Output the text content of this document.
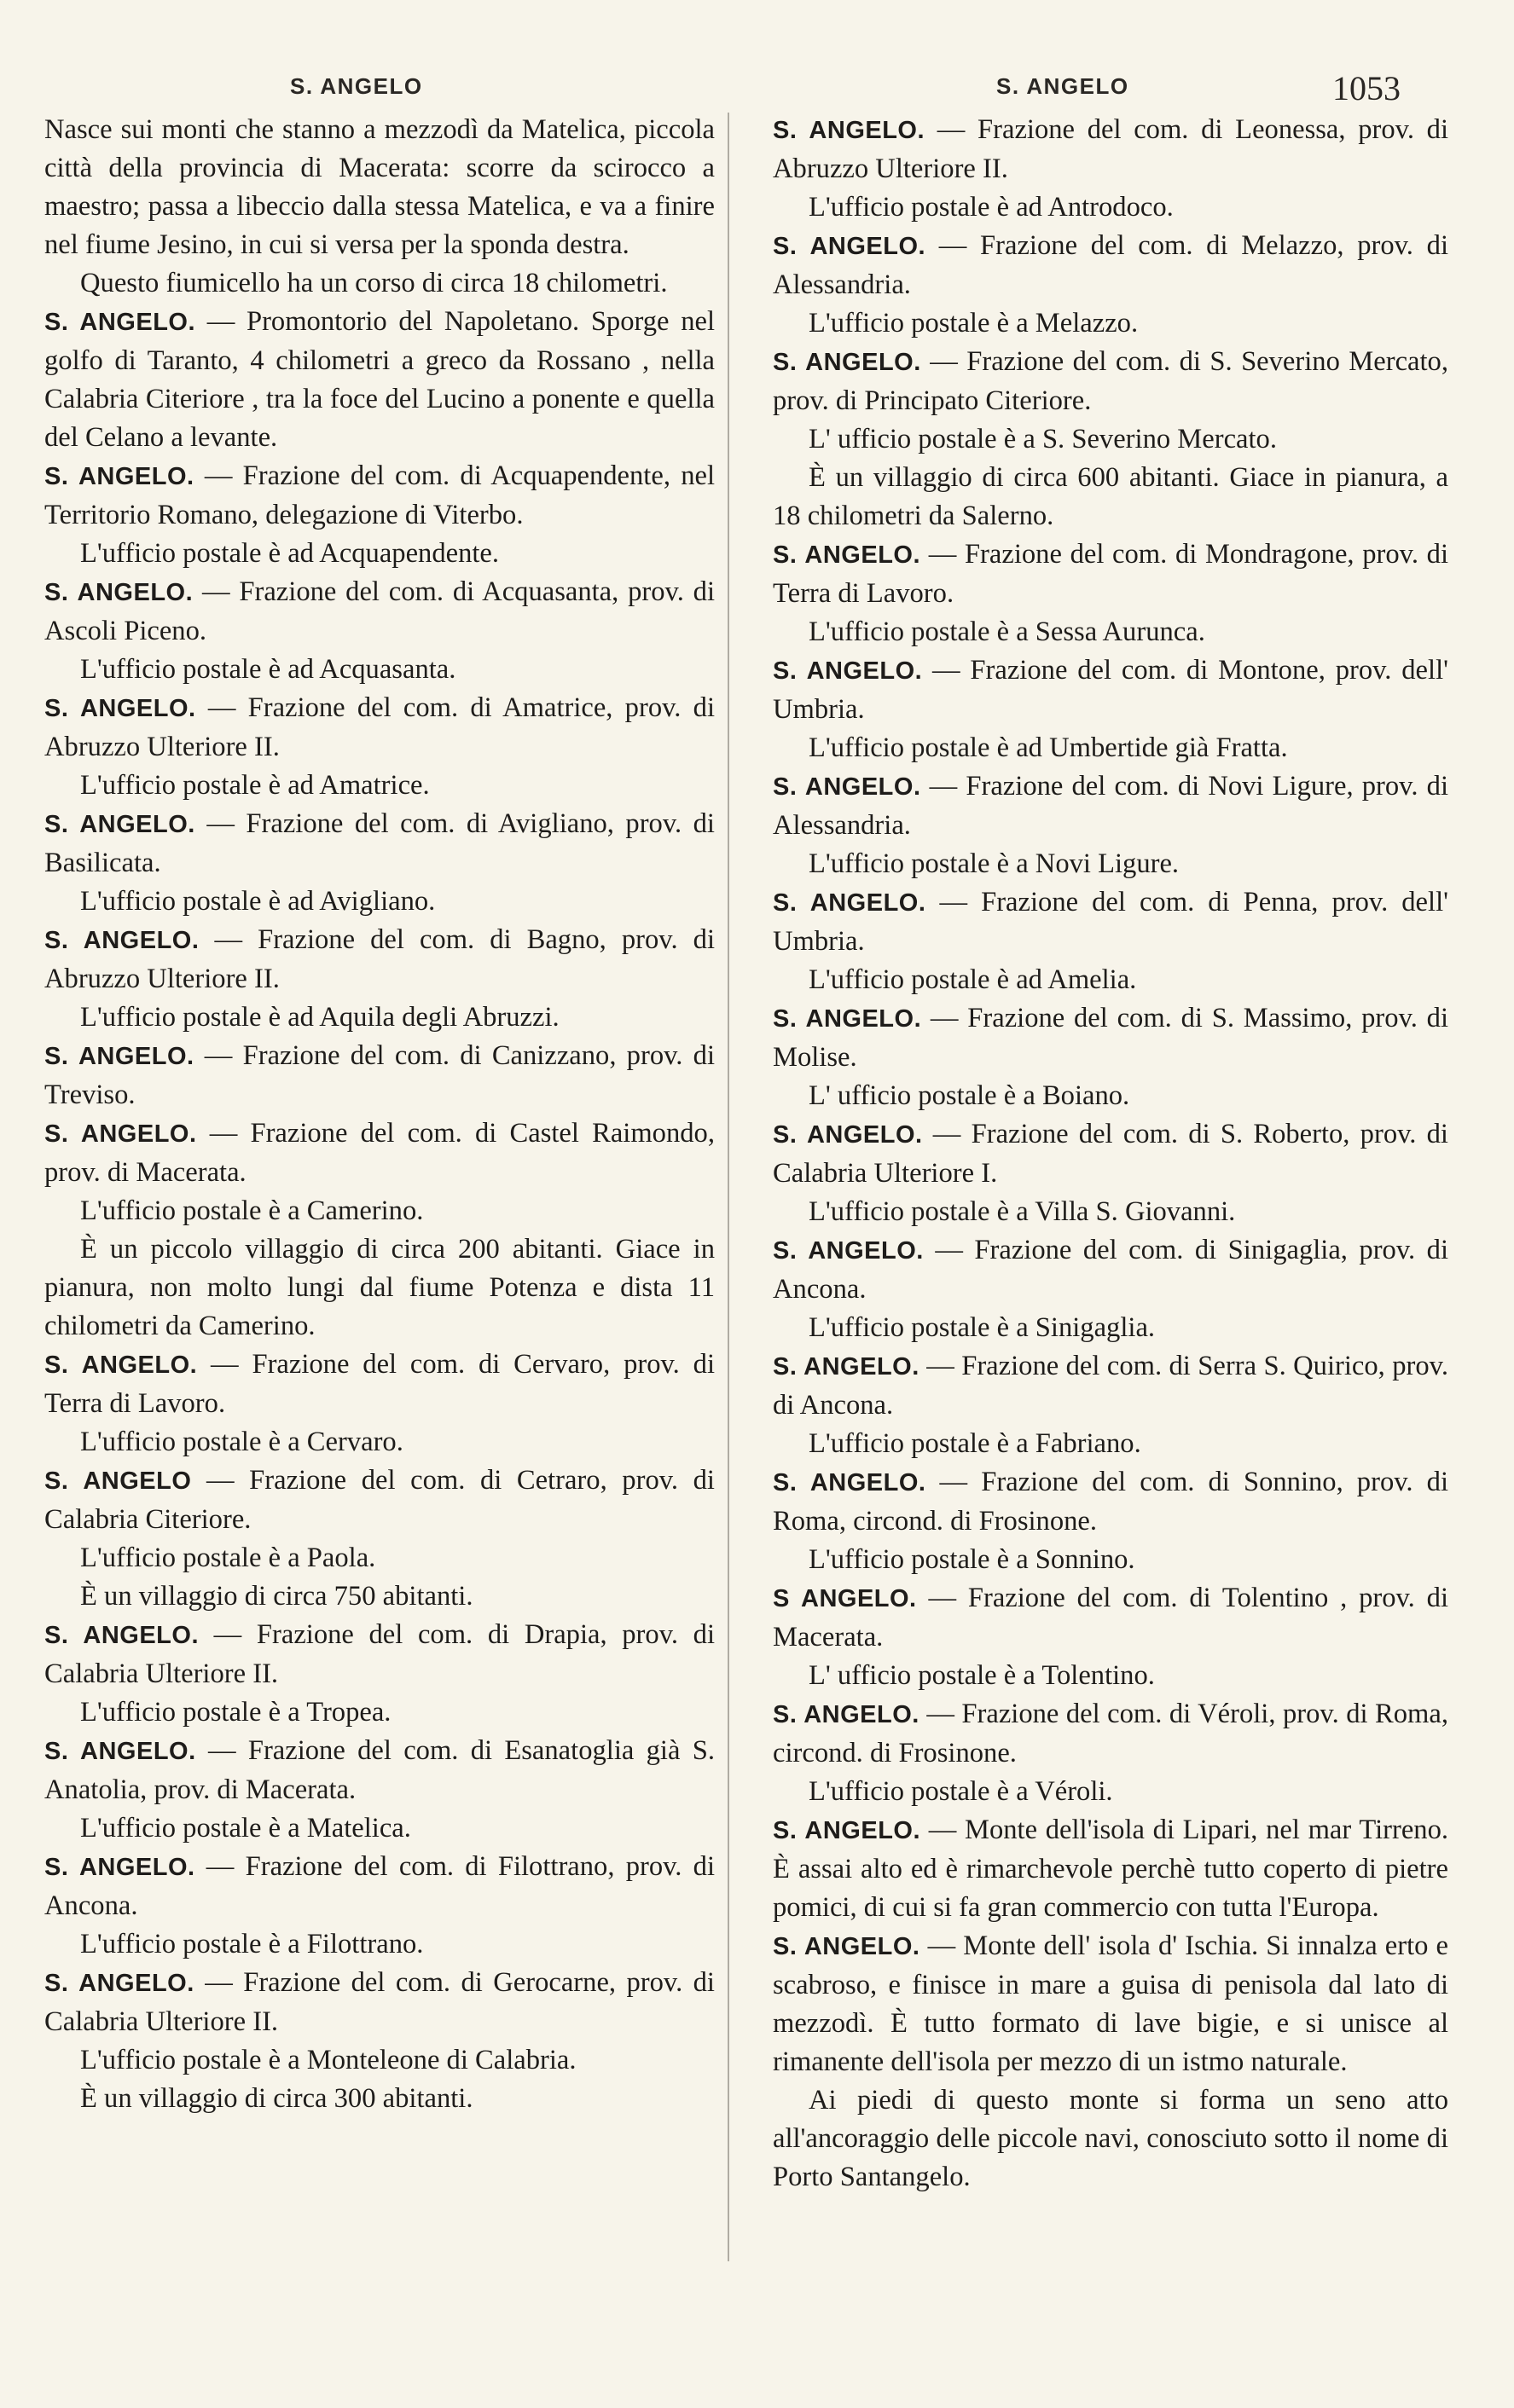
S. ANGELO	S. ANGELO	1053

Nasce sui monti che stanno a mezzodì da Matelica, piccola città della provincia di Macerata: scorre da scirocco a maestro; passa a libeccio dalla stessa Matelica, e va a finire nel fiume Jesino, in cui si versa per la sponda destra.

Questo fiumicello ha un corso di circa 18 chilometri.

S. ANGELO. — Promontorio del Napoletano. Sporge nel golfo di Taranto, 4 chilometri a greco da Rossano , nella Calabria Citeriore , tra la foce del Lucino a ponente e quella del Celano a levante.

S. ANGELO. — Frazione del com. di Acquapendente, nel Territorio Romano, delegazione di Viterbo.

L'ufficio postale è ad Acquapendente.

S. ANGELO. — Frazione del com. di Acquasanta, prov. di Ascoli Piceno.

L'ufficio postale è ad Acquasanta.

S. ANGELO. — Frazione del com. di Amatrice, prov. di Abruzzo Ulteriore II.

L'ufficio postale è ad Amatrice.

S. ANGELO. — Frazione del com. di Avigliano, prov. di Basilicata.

L'ufficio postale è ad Avigliano.

S. ANGELO. — Frazione del com. di Bagno, prov. di Abruzzo Ulteriore II.

L'ufficio postale è ad Aquila degli Abruzzi.

S. ANGELO. — Frazione del com. di Canizzano, prov. di Treviso.

S. ANGELO. — Frazione del com. di Castel Raimondo, prov. di Macerata.

L'ufficio postale è a Camerino.

È un piccolo villaggio di circa 200 abitanti. Giace in pianura, non molto lungi dal fiume Potenza e dista 11 chilometri da Camerino.

S. ANGELO. — Frazione del com. di Cervaro, prov. di Terra di Lavoro.

L'ufficio postale è a Cervaro.

S. ANGELO — Frazione del com. di Cetraro, prov. di Calabria Citeriore.

L'ufficio postale è a Paola.

È un villaggio di circa 750 abitanti.

S. ANGELO. — Frazione del com. di Drapia, prov. di Calabria Ulteriore II.

L'ufficio postale è a Tropea.

S. ANGELO. — Frazione del com. di Esanatoglia già S. Anatolia, prov. di Macerata.

L'ufficio postale è a Matelica.

S. ANGELO. — Frazione del com. di Filottrano, prov. di Ancona.

L'ufficio postale è a Filottrano.

S. ANGELO. — Frazione del com. di Gerocarne, prov. di Calabria Ulteriore II.

L'ufficio postale è a Monteleone di Calabria.

È un villaggio di circa 300 abitanti.

S. ANGELO. — Frazione del com. di Leonessa, prov. di Abruzzo Ulteriore II.

L'ufficio postale è ad Antrodoco.

S. ANGELO. — Frazione del com. di Melazzo, prov. di Alessandria.

L'ufficio postale è a Melazzo.

S. ANGELO. — Frazione del com. di S. Severino Mercato, prov. di Principato Citeriore.

L' ufficio postale è a S. Severino Mercato.

È un villaggio di circa 600 abitanti. Giace in pianura, a 18 chilometri da Salerno.

S. ANGELO. — Frazione del com. di Mondragone, prov. di Terra di Lavoro.

L'ufficio postale è a Sessa Aurunca.

S. ANGELO. — Frazione del com. di Montone, prov. dell' Umbria.

L'ufficio postale è ad Umbertide già Fratta.

S. ANGELO. — Frazione del com. di Novi Ligure, prov. di Alessandria.

L'ufficio postale è a Novi Ligure.

S. ANGELO. — Frazione del com. di Penna, prov. dell' Umbria.

L'ufficio postale è ad Amelia.

S. ANGELO. — Frazione del com. di S. Massimo, prov. di Molise.

L' ufficio postale è a Boiano.

S. ANGELO. — Frazione del com. di S. Roberto, prov. di Calabria Ulteriore I.

L'ufficio postale è a Villa S. Giovanni.

S. ANGELO. — Frazione del com. di Sinigaglia, prov. di Ancona.

L'ufficio postale è a Sinigaglia.

S. ANGELO. — Frazione del com. di Serra S. Quirico, prov. di Ancona.

L'ufficio postale è a Fabriano.

S. ANGELO. — Frazione del com. di Sonnino, prov. di Roma, circond. di Frosinone.

L'ufficio postale è a Sonnino.

S ANGELO. — Frazione del com. di Tolentino , prov. di Macerata.

L' ufficio postale è a Tolentino.

S. ANGELO. — Frazione del com. di Véroli, prov. di Roma, circond. di Frosinone.

L'ufficio postale è a Véroli.

S. ANGELO. — Monte dell'isola di Lipari, nel mar Tirreno. È assai alto ed è rimarchevole perchè tutto coperto di pietre pomici, di cui si fa gran commercio con tutta l'Europa.

S. ANGELO. — Monte dell' isola d' Ischia. Si innalza erto e scabroso, e finisce in mare a guisa di penisola dal lato di mezzodì. È tutto formato di lave bigie, e si unisce al rimanente dell'isola per mezzo di un istmo naturale.

Ai piedi di questo monte si forma un seno atto all'ancoraggio delle piccole navi, conosciuto sotto il nome di Porto Santangelo.
